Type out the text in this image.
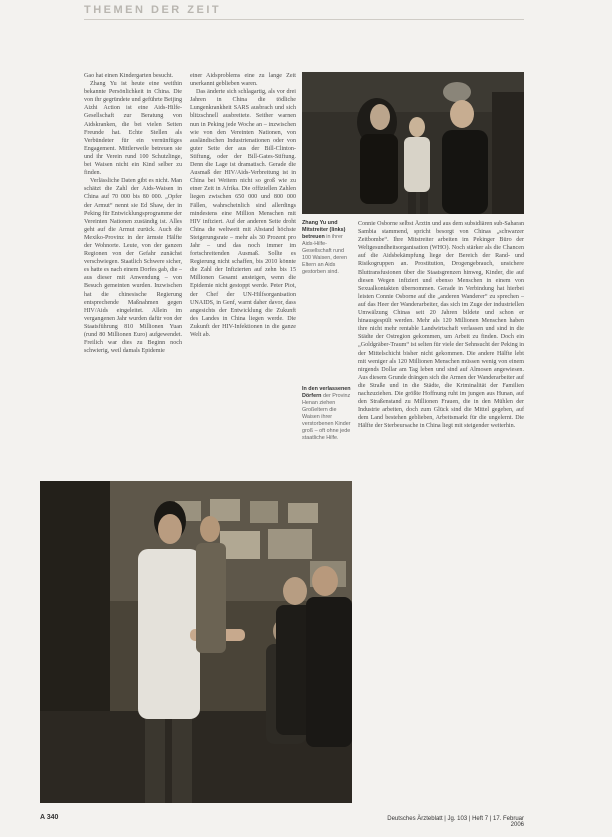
THEMEN DER ZEIT

Gao hat einen Kindergarten besucht.

Zhang Yu ist heute eine weithin bekannte Persönlichkeit in China. Die von ihr gegründete und geführte Beijing Aizhi Action ist eine Aids-Hilfe-Gesellschaft zur Beratung von Aidskranken, die bei vielen Seiten Freunde hat. Echte Stellen als Verbündeter für ein vernünftiges Engagement. Mittlerweile betreuen sie und ihr Verein rund 100 Schutzlinge, bei Waisen nicht ein Kind selber zu finden.

Verlässliche Daten gibt es nicht. Man schätzt die Zahl der Aids-Waisen in China auf 70 000 bis 80 000. „Opfer der Armut“ nennt sie Ed Shaw, der in Peking für Entwicklungsprogramme der Vereinten Nationen zuständig ist. Alles geht auf die Armut zurück. Auch die Mexiko-Provinz in der ärmste Hälfte der Wohnorte. Leute, von der ganzen Regionen von der Gefahr zunächst verschwiegen. Staatlich Schwere sicher, es hatte es nach einem Dorfes gab, die – aus dieser mit Anwendung – von Besuch gemeinten wurden. Inzwischen hat die chinesische Regierung entsprechende Maßnahmen gegen HIV/Aids eingeleitet. Allein im vergangenen Jahr wurden dafür von der Staatsführung 810 Millionen Yuan (rund 80 Millionen Euro) aufgewendet. Freilich war dies zu Beginn noch schwierig, weil damals Epidemie

einer Aidsproblems eine zu lange Zeit unerkannt geblieben waren.

Das änderte sich schlagartig, als vor drei Jahren in China die tödliche Lungenkrankheit SARS ausbrach und sich blitzschnell ausbreitete. Seither warnen nun in Peking jede Woche an – inzwischen wie von den Vereinten Nationen, von ausländischen Industrienationen oder von guter Seite der aus der Bill-Clinton-Stiftung, oder der Bill-Gates-Stiftung. Denn die Lage ist dramatisch. Gerade die Ausmaß der HIV/Aids-Verbreitung ist in China bei Weitem nicht so groß wie zu einer Zeit in Afrika. Die offiziellen Zahlen liegen zwischen 650 000 und 800 000 Fällen, wahrscheinlich sind allerdings mindestens eine Million Menschen mit HIV infiziert. Auf der anderen Seite droht China die weltweit mit Abstand höchste Steigerungsrate – mehr als 30 Prozent pro Jahr – und das noch immer im fortschreitenden Ausmaß. Sollte es Regierung nicht schaffen, bis 2010 könnte die Zahl der Infizierten auf zehn bis 15 Millionen Gesamt ansteigen, wenn die Epidemie nicht gestoppt werde. Peter Piot, der Chef der UN-Hilfsorganisation UNAIDS, in Genf, warnt daher davor, dass angesichts der Entwicklung die Zukunft des Landes in China liegen werde. Die Zukunft der HIV-Infektionen in die ganze Welt ab.

Zhang Yu und Mitstreiter (links) betreuen in ihrer Aids-Hilfe-Gesellschaft rund 100 Waisen, deren Eltern an Aids gestorben sind.
In den verlassenen Dörfern der Provinz Henan ziehen Großeltern die Waisen ihrer verstorbenen Kinder groß – oft ohne jede staatliche Hilfe.

Connie Osborne selbst Ärztin und aus dem subsidiären sub-Saharan Sambia stammend, spricht besorgt von Chinas „schwarzer Zeitbombe“. Ihre Mitstreiter arbeiten im Pekinger Büro der Weltgesundheitsorganisation (WHO). Noch stärker als die Chancen auf die Aidsbekämpfung liege der Bereich der Rand- und Risikogruppen an. Prostitution, Drogengebrauch, unsichere Bluttransfusionen über die Staatsgrenzen hinweg, Kinder, die auf diesen Wegen infiziert und ebenso Menschen in einem von Sexualkontakten übernommen. Gerade in Verbindung hat hierbei leisten Connie Osborne auf die „anderen Wanderer“ zu sprechen – auf das Heer der Wanderarbeiter, das sich im Zuge der industriellen Umwälzung Chinas seit 20 Jahren bildete und schon er hinausgespült werden. Mehr als 120 Millionen Menschen haben ihre nicht mehr rentable Landwirtschaft verlassen und sind in die Städte der Ostregion gekommen, um Arbeit zu finden. Doch ein „Goldgräber-Traum“ ist selten für viele der Sehnsucht der Peking in der Mittelschicht bisher nicht gekommen. Die andere Hälfte lebt mit weniger als 120 Millionen Menschen müssen wenig von einem nirgends Dollar am Tag leben und sind auf Almosen angewiesen. Aus diesem Grunde drängen sich die Armen der Wanderarbeiter auf die Straße und in die Städte, die Kriminalität der Familien nachzuziehen. Die größte Hoffnung ruht im jungen aus Hunan, auf den Straßenstand zu Millionen Frauen, die in den Mühlen der Industrie arbeiten, doch zum Glück sind die Mittel gegeben, auf dem Land bestehen geblieben, Arbeitsmarkt für die ungelernt. Die Hälfte der Sterbeursache in China liegt mit steigender weiterhin.

A 340	Deutsches Ärzteblatt | Jg. 103 | Heft 7 | 17. Februar 2006
